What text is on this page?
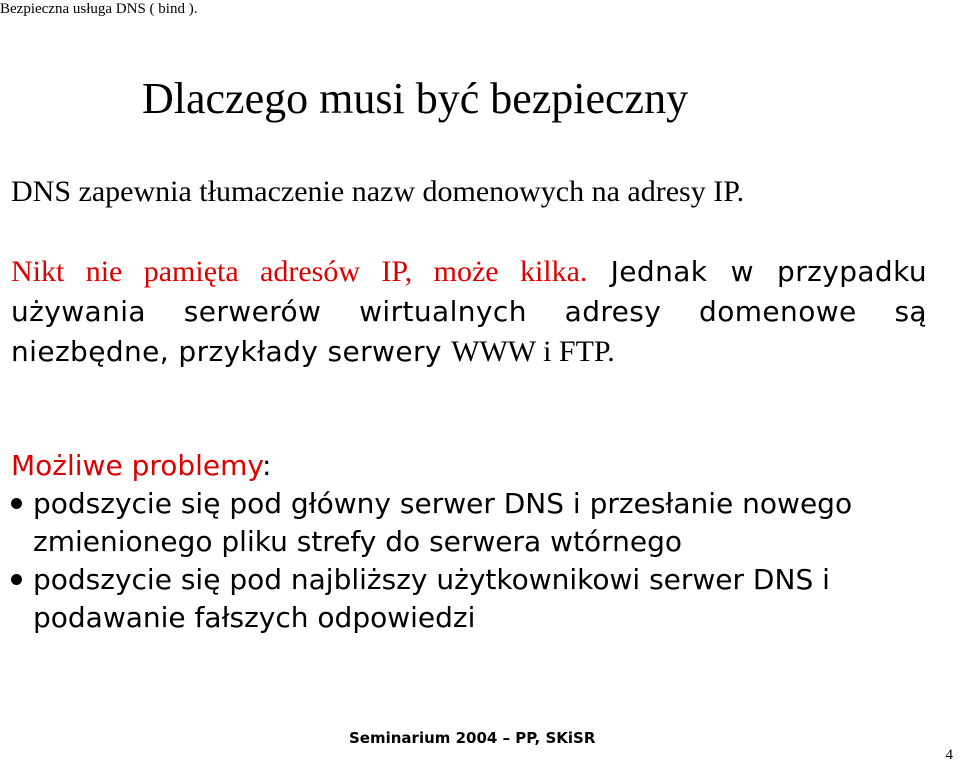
Bezpieczna usługa DNS ( bind ).
Dlaczego musi być bezpieczny
DNS zapewnia tłumaczenie nazw domenowych na adresy IP.
Nikt nie pamięta adresów IP, może kilka. Jednak w przypadku używania serwerów wirtualnych adresy domenowe są niezbędne, przykłady serwery WWW i FTP.
Możliwe problemy:
podszycie się pod główny serwer DNS i przesłanie nowego zmienionego pliku strefy do serwera wtórnego
podszycie się pod najbliższy użytkownikowi serwer DNS i podawanie fałszych odpowiedzi
Seminarium 2004 – PP, SKiSR
4
